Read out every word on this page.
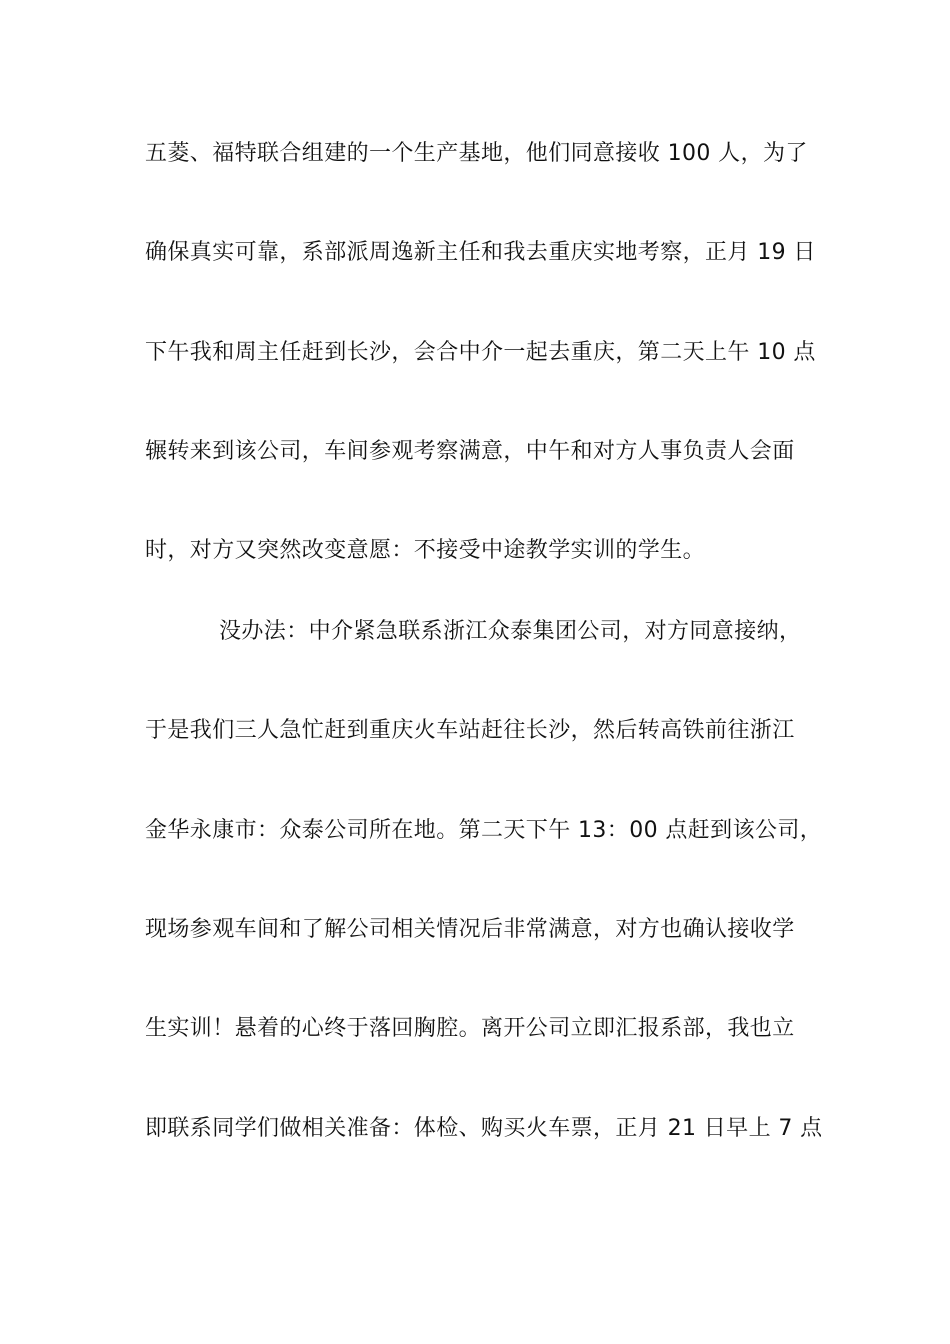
五菱、福特联合组建的一个生产基地，他们同意接收 100 人，为了
确保真实可靠，系部派周逸新主任和我去重庆实地考察，正月 19 日
下午我和周主任赶到长沙，会合中介一起去重庆，第二天上午 10 点
辗转来到该公司，车间参观考察满意，中午和对方人事负责人会面
时，对方又突然改变意愿：不接受中途教学实训的学生。
没办法：中介紧急联系浙江众泰集团公司，对方同意接纳，
于是我们三人急忙赶到重庆火车站赶往长沙，然后转高铁前往浙江
金华永康市：众泰公司所在地。第二天下午 13：00 点赶到该公司，
现场参观车间和了解公司相关情况后非常满意，对方也确认接收学
生实训！悬着的心终于落回胸腔。离开公司立即汇报系部，我也立
即联系同学们做相关准备：体检、购买火车票，正月 21 日早上 7 点
